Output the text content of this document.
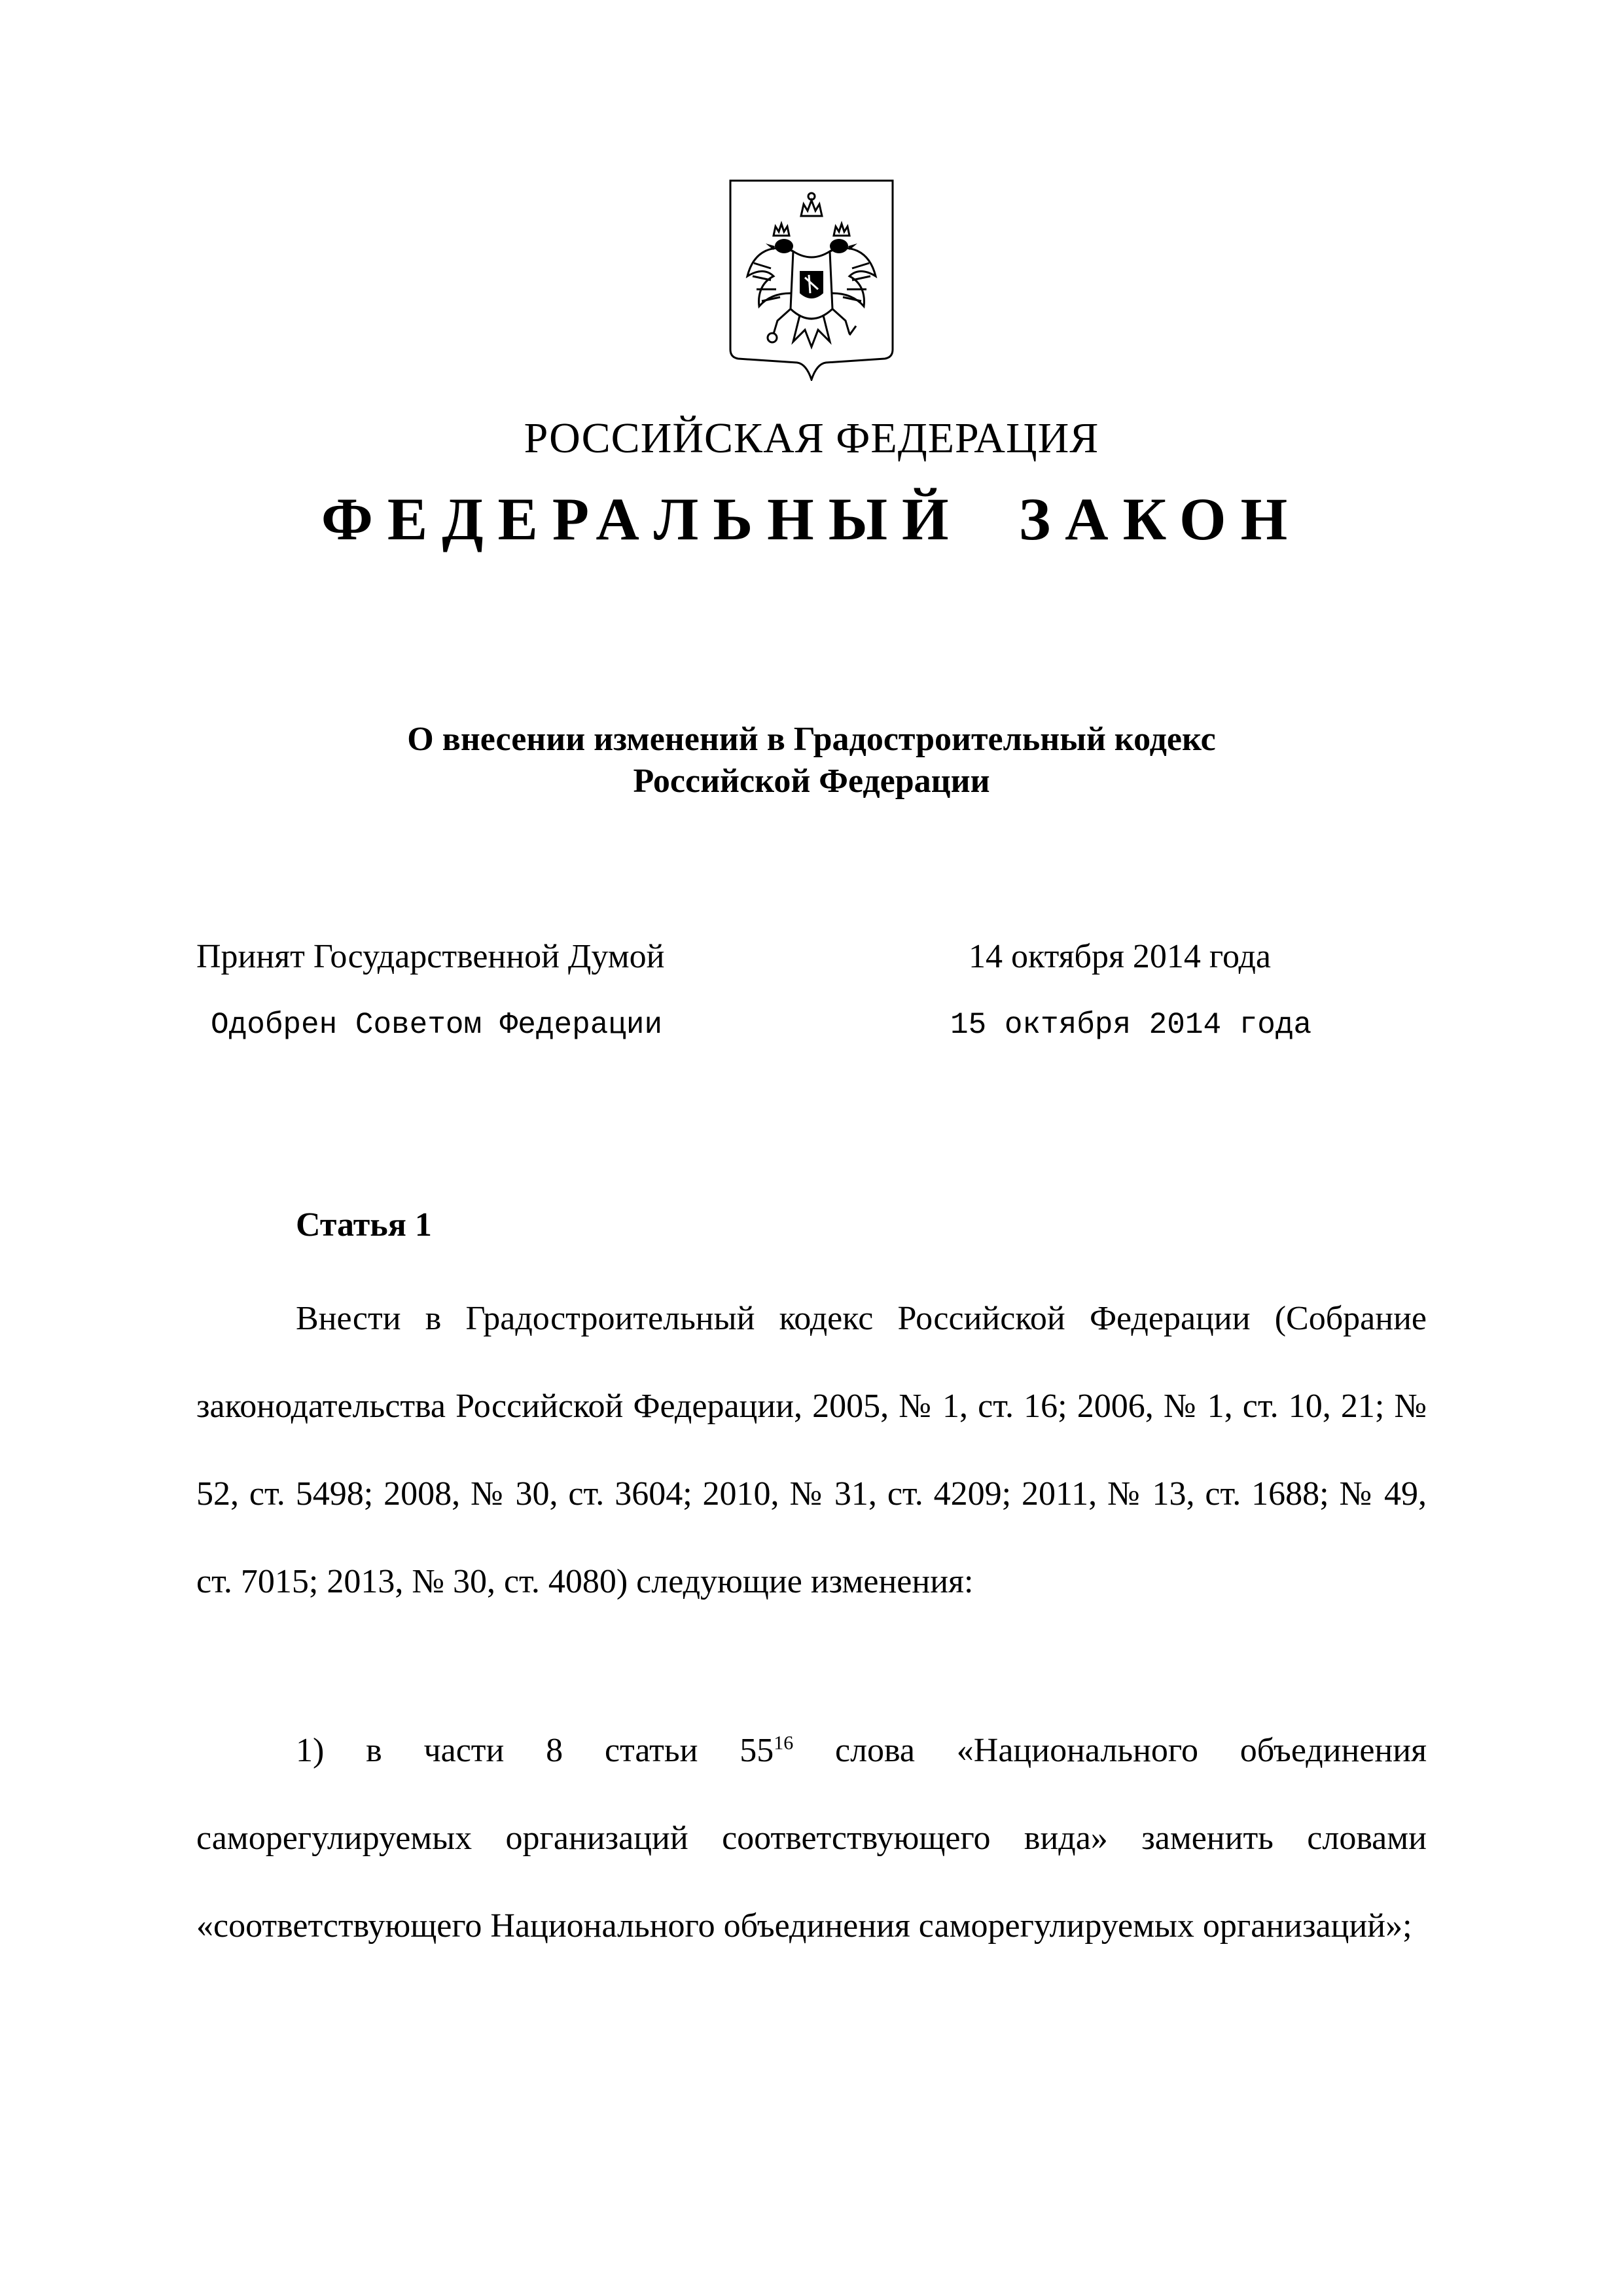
РОССИЙСКАЯ ФЕДЕРАЦИЯ
ФЕДЕРАЛЬНЫЙ ЗАКОН
О внесении изменений в Градостроительный кодекс
Российской Федерации
Принят Государственной Думой	14 октября 2014 года
Одобрен Советом Федерации	15 октября 2014 года
Статья 1
Внести в Градостроительный кодекс Российской Федерации (Собрание законодательства Российской Федерации, 2005, № 1, ст. 16; 2006, № 1, ст. 10, 21; № 52, ст. 5498; 2008, № 30, ст. 3604; 2010, № 31, ст. 4209; 2011, № 13, ст. 1688; № 49, ст. 7015; 2013, № 30, ст. 4080) следующие изменения:
1) в части 8 статьи $55^{16}$ слова «Национального объединения саморегулируемых организаций соответствующего вида» заменить словами «соответствующего Национального объединения саморегулируемых организаций»;
